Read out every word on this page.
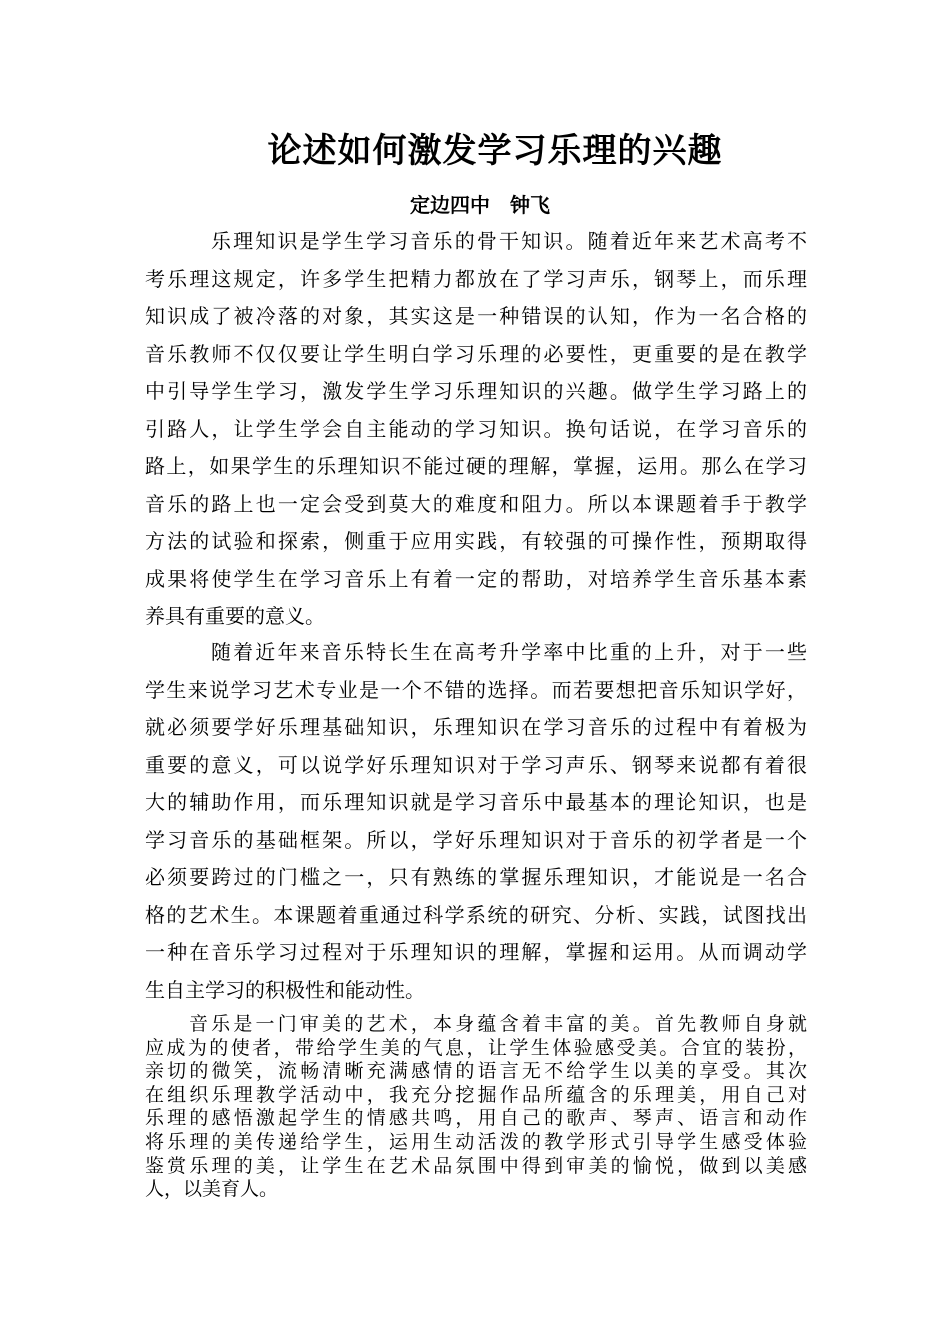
论述如何激发学习乐理的兴趣
定边四中　钟飞
乐理知识是学生学习音乐的骨干知识。随着近年来艺术高考不
考乐理这规定，许多学生把精力都放在了学习声乐，钢琴上，而乐理
知识成了被冷落的对象，其实这是一种错误的认知，作为一名合格的
音乐教师不仅仅要让学生明白学习乐理的必要性，更重要的是在教学
中引导学生学习，激发学生学习乐理知识的兴趣。做学生学习路上的
引路人，让学生学会自主能动的学习知识。换句话说，在学习音乐的
路上，如果学生的乐理知识不能过硬的理解，掌握，运用。那么在学习
音乐的路上也一定会受到莫大的难度和阻力。所以本课题着手于教学
方法的试验和探索，侧重于应用实践，有较强的可操作性，预期取得
成果将使学生在学习音乐上有着一定的帮助，对培养学生音乐基本素
养具有重要的意义。
随着近年来音乐特长生在高考升学率中比重的上升，对于一些
学生来说学习艺术专业是一个不错的选择。而若要想把音乐知识学好，
就必须要学好乐理基础知识，乐理知识在学习音乐的过程中有着极为
重要的意义，可以说学好乐理知识对于学习声乐、钢琴来说都有着很
大的辅助作用，而乐理知识就是学习音乐中最基本的理论知识，也是
学习音乐的基础框架。所以，学好乐理知识对于音乐的初学者是一个
必须要跨过的门槛之一，只有熟练的掌握乐理知识，才能说是一名合
格的艺术生。本课题着重通过科学系统的研究、分析、实践，试图找出
一种在音乐学习过程对于乐理知识的理解，掌握和运用。从而调动学
生自主学习的积极性和能动性。
音乐是一门审美的艺术，本身蕴含着丰富的美。首先教师自身就
应成为的使者，带给学生美的气息，让学生体验感受美。合宜的装扮，
亲切的微笑，流畅清晰充满感情的语言无不给学生以美的享受。其次
在组织乐理教学活动中，我充分挖掘作品所蕴含的乐理美，用自己对
乐理的感悟激起学生的情感共鸣，用自己的歌声、琴声、语言和动作
将乐理的美传递给学生，运用生动活泼的教学形式引导学生感受体验
鉴赏乐理的美，让学生在艺术品氛围中得到审美的愉悦，做到以美感
人，以美育人。
